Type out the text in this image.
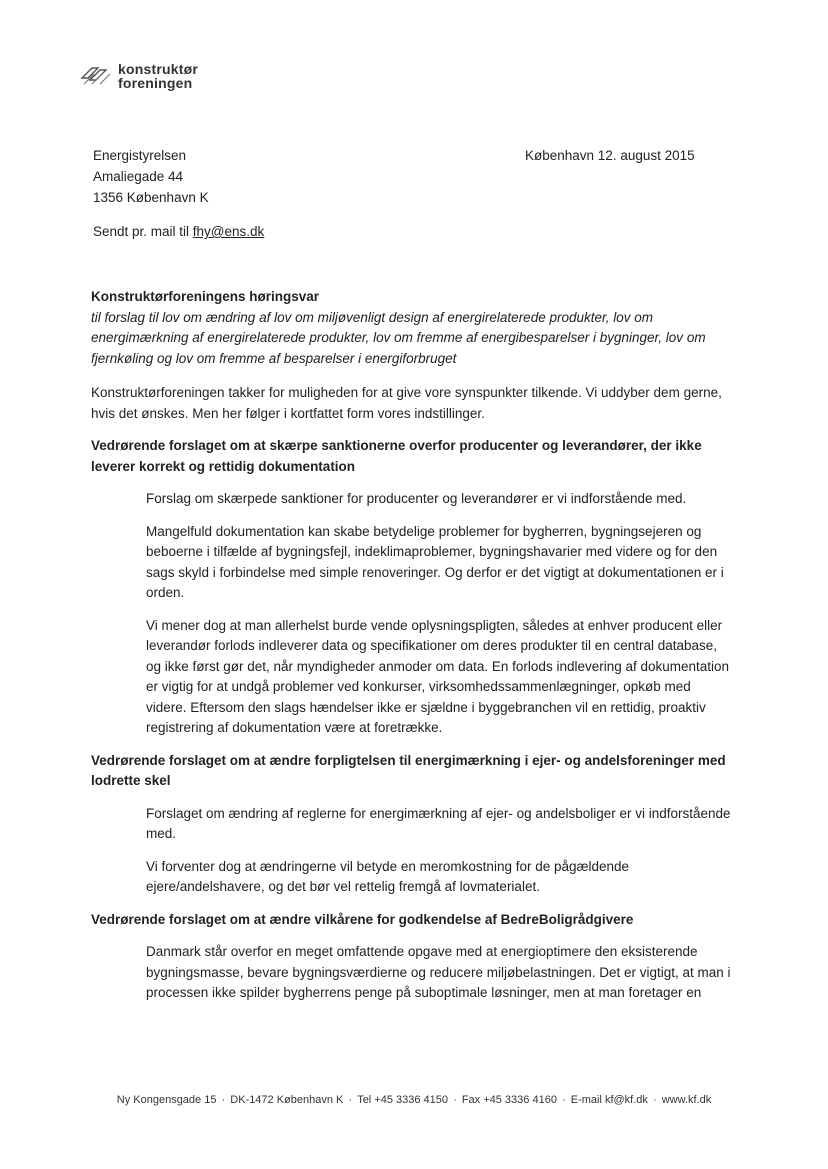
konstruktør
foreningen
Energistyrelsen
Amaliegade 44
1356 København K
København 12. august 2015
Sendt pr. mail til fhy@ens.dk

Konstruktørforeningens høringsvar

til forslag til lov om ændring af lov om miljøvenligt design af energirelaterede produkter, lov om energimærkning af energirelaterede produkter, lov om fremme af energibesparelser i bygninger, lov om fjernkøling og lov om fremme af besparelser i energiforbruget

Konstruktørforeningen takker for muligheden for at give vore synspunkter tilkende. Vi uddyber dem gerne, hvis det ønskes. Men her følger i kortfattet form vores indstillinger.

Vedrørende forslaget om at skærpe sanktionerne overfor producenter og leverandører, der ikke leverer korrekt og rettidig dokumentation

Forslag om skærpede sanktioner for producenter og leverandører er vi indforstående med.

Mangelfuld dokumentation kan skabe betydelige problemer for bygherren, bygningsejeren og beboerne i tilfælde af bygningsfejl, indeklimaproblemer, bygningshavarier med videre og for den sags skyld i forbindelse med simple renoveringer. Og derfor er det vigtigt at dokumentationen er i orden.

Vi mener dog at man allerhelst burde vende oplysningspligten, således at enhver producent eller leverandør forlods indleverer data og specifikationer om deres produkter til en central database, og ikke først gør det, når myndigheder anmoder om data. En forlods indlevering af dokumentation er vigtig for at undgå problemer ved konkurser, virksomhedssammenlægninger, opkøb med videre. Eftersom den slags hændelser ikke er sjældne i byggebranchen vil en rettidig, proaktiv registrering af dokumentation være at foretrække.

Vedrørende forslaget om at ændre forpligtelsen til energimærkning i ejer- og andelsforeninger med lodrette skel

Forslaget om ændring af reglerne for energimærkning af ejer- og andelsboliger er vi indforstående med.

Vi forventer dog at ændringerne vil betyde en meromkostning for de pågældende ejere/andelshavere, og det bør vel rettelig fremgå af lovmaterialet.

Vedrørende forslaget om at ændre vilkårene for godkendelse af BedreBoligrådgivere

Danmark står overfor en meget omfattende opgave med at energioptimere den eksisterende bygningsmasse, bevare bygningsværdierne og reducere miljøbelastningen. Det er vigtigt, at man i processen ikke spilder bygherrens penge på suboptimale løsninger, men at man foretager en

Ny Kongensgade 15 · DK-1472 København K · Tel +45 3336 4150 · Fax +45 3336 4160 · E-mail kf@kf.dk · www.kf.dk
